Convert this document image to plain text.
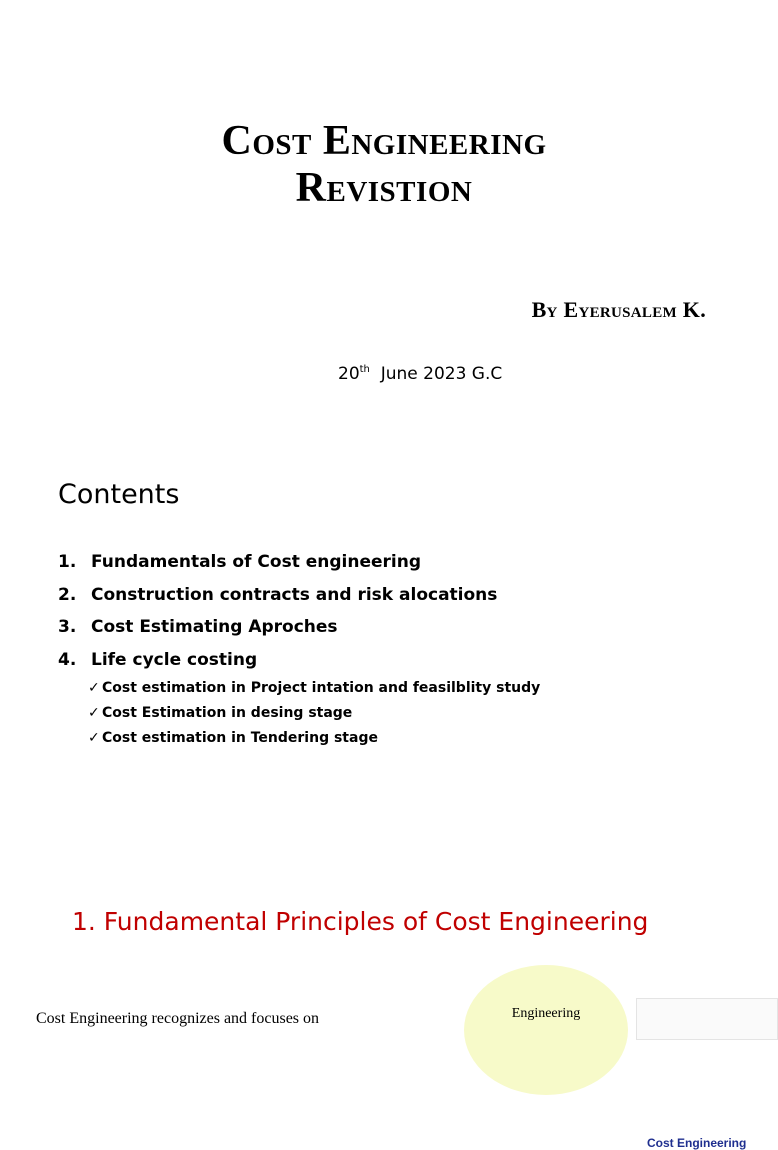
Cost Engineering
Revistion
By Eyerusalem K.
20th June 2023 G.C
Contents
1. Fundamentals of Cost engineering
2. Construction contracts and risk alocations
3. Cost Estimating Aproches
4. Life cycle costing
✓ Cost estimation in Project intation and feasilblity study
✓ Cost Estimation in desing stage
✓ Cost estimation in Tendering stage
1. Fundamental Principles of Cost Engineering
Engineering
Cost Engineering
Cost Engineering recognizes and focuses on
